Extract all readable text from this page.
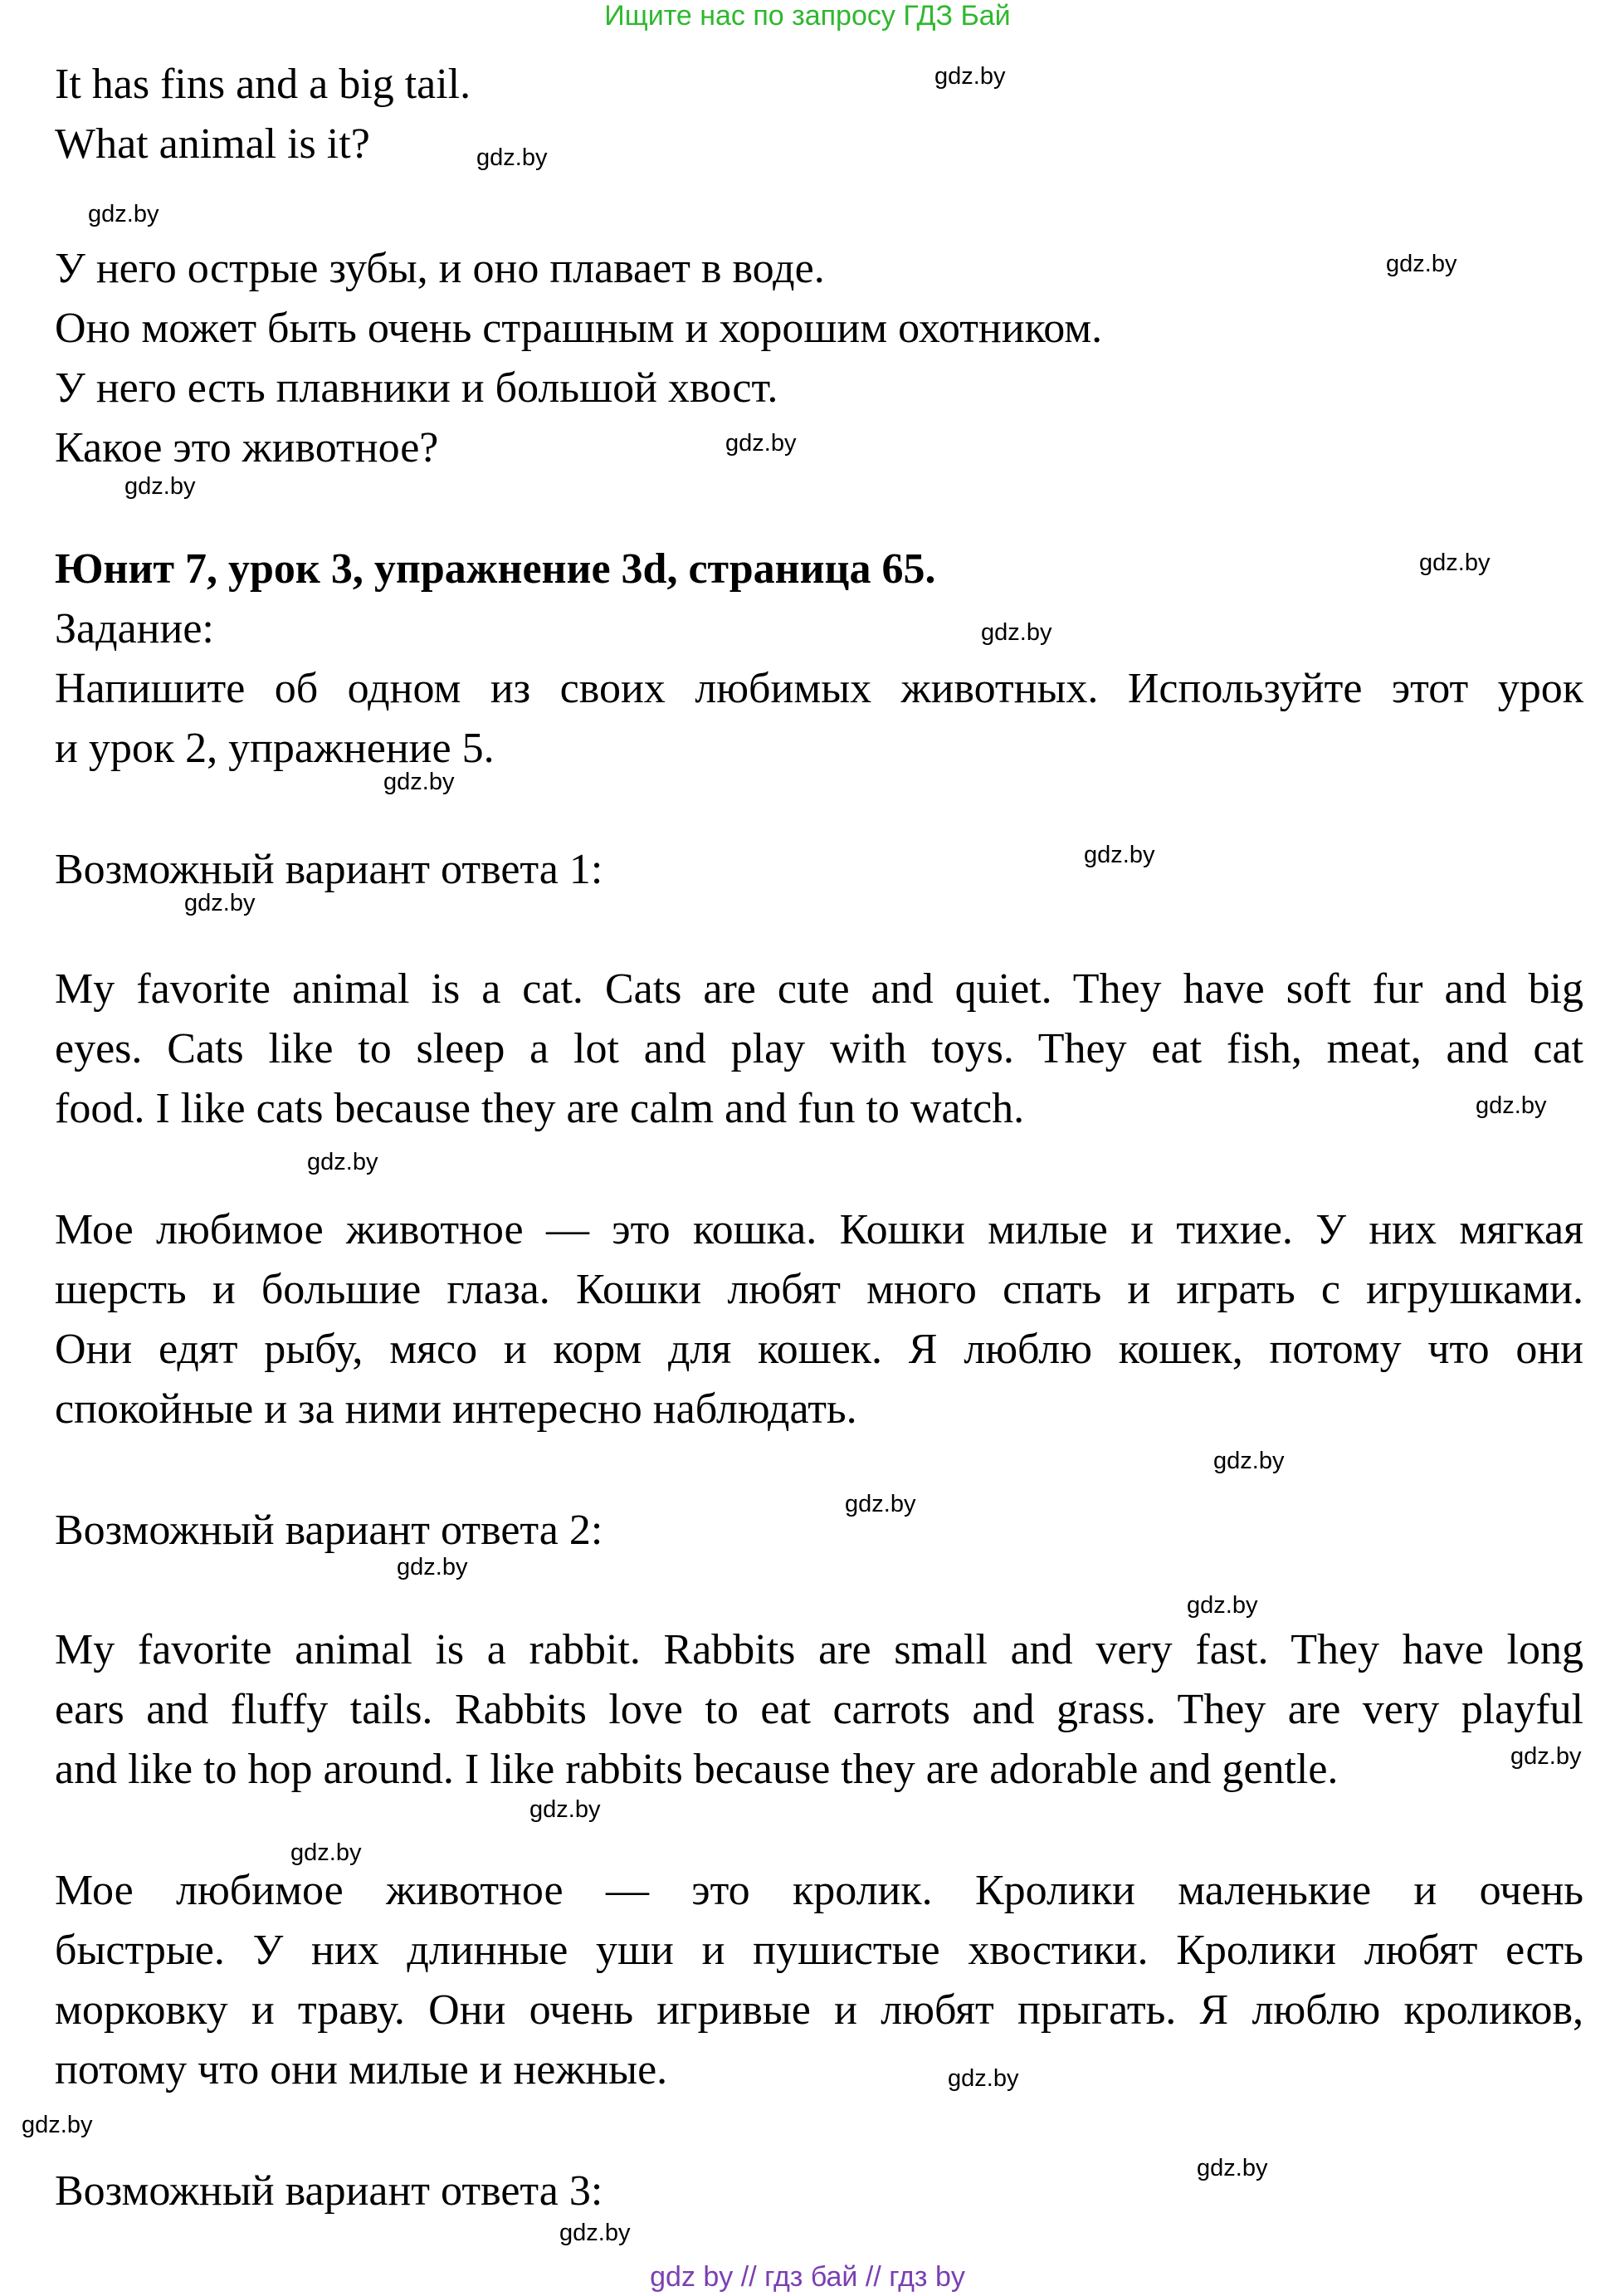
Ищите нас по запросу ГДЗ Бай
It has fins and a big tail.
What animal is it?
У него острые зубы, и оно плавает в воде.
Оно может быть очень страшным и хорошим охотником.
У него есть плавники и большой хвост.
Какое это животное?
Юнит 7, урок 3, упражнение 3d, страница 65.
Задание:
Напишите об одном из своих любимых животных. Используйте этот урок
и урок 2, упражнение 5.
Возможный вариант ответа 1:
My favorite animal is a cat. Cats are cute and quiet. They have soft fur and big
eyes. Cats like to sleep a lot and play with toys. They eat fish, meat, and cat
food. I like cats because they are calm and fun to watch.
Мое любимое животное — это кошка. Кошки милые и тихие. У них мягкая
шерсть и большие глаза. Кошки любят много спать и играть с игрушками.
Они едят рыбу, мясо и корм для кошек. Я люблю кошек, потому что они
спокойные и за ними интересно наблюдать.
Возможный вариант ответа 2:
My favorite animal is a rabbit. Rabbits are small and very fast. They have long
ears and fluffy tails. Rabbits love to eat carrots and grass. They are very playful
and like to hop around. I like rabbits because they are adorable and gentle.
Мое любимое животное — это кролик. Кролики маленькие и очень
быстрые. У них длинные уши и пушистые хвостики. Кролики любят есть
морковку и траву. Они очень игривые и любят прыгать. Я люблю кроликов,
потому что они милые и нежные.
Возможный вариант ответа 3:
gdz.by
gdz.by
gdz.by
gdz.by
gdz.by
gdz.by
gdz.by
gdz.by
gdz.by
gdz.by
gdz.by
gdz.by
gdz.by
gdz.by
gdz.by
gdz.by
gdz.by
gdz.by
gdz.by
gdz.by
gdz.by
gdz.by
gdz.by
gdz.by
gdz by // гдз бай // гдз by
